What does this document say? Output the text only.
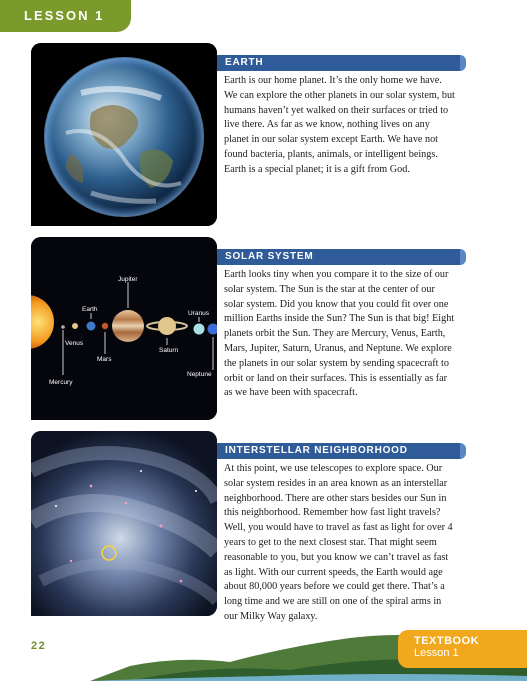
LESSON 1
EARTH
Earth is our home planet. It’s the only home we have. We can explore the other planets in our solar system, but humans haven’t yet walked on their surfaces or tried to live there. As far as we know, nothing lives on any planet in our solar system except Earth. We have not found bacteria, plants, animals, or intelligent beings. Earth is a special planet; it is a gift from God.
Jupiter
Earth
Uranus
Venus
Saturn
Mars
Neptune
Mercury
SOLAR SYSTEM
Earth looks tiny when you compare it to the size of our solar system. The Sun is the star at the center of our solar system. Did you know that you could fit over one million Earths inside the Sun? The Sun is that big! Eight planets orbit the Sun. They are Mercury, Venus, Earth, Mars, Jupiter, Saturn, Uranus, and Neptune. We explore the planets in our solar system by sending spacecraft to orbit or land on their surfaces. This is essentially as far as we have been with spacecraft.
INTERSTELLAR NEIGHBORHOOD
At this point, we use telescopes to explore space. Our solar system resides in an area known as an interstellar neighborhood. There are other stars besides our Sun in this neighborhood. Remember how fast light travels? Well, you would have to travel as fast as light for over 4 years to get to the next closest star. That might seem reasonable to you, but you know we can’t travel as fast as light. With our current speeds, the Earth would age about 80,000 years before we could get there. That’s a long time and we are still on one of the spiral arms in our Milky Way galaxy.
22	TEXTBOOK
Lesson 1
